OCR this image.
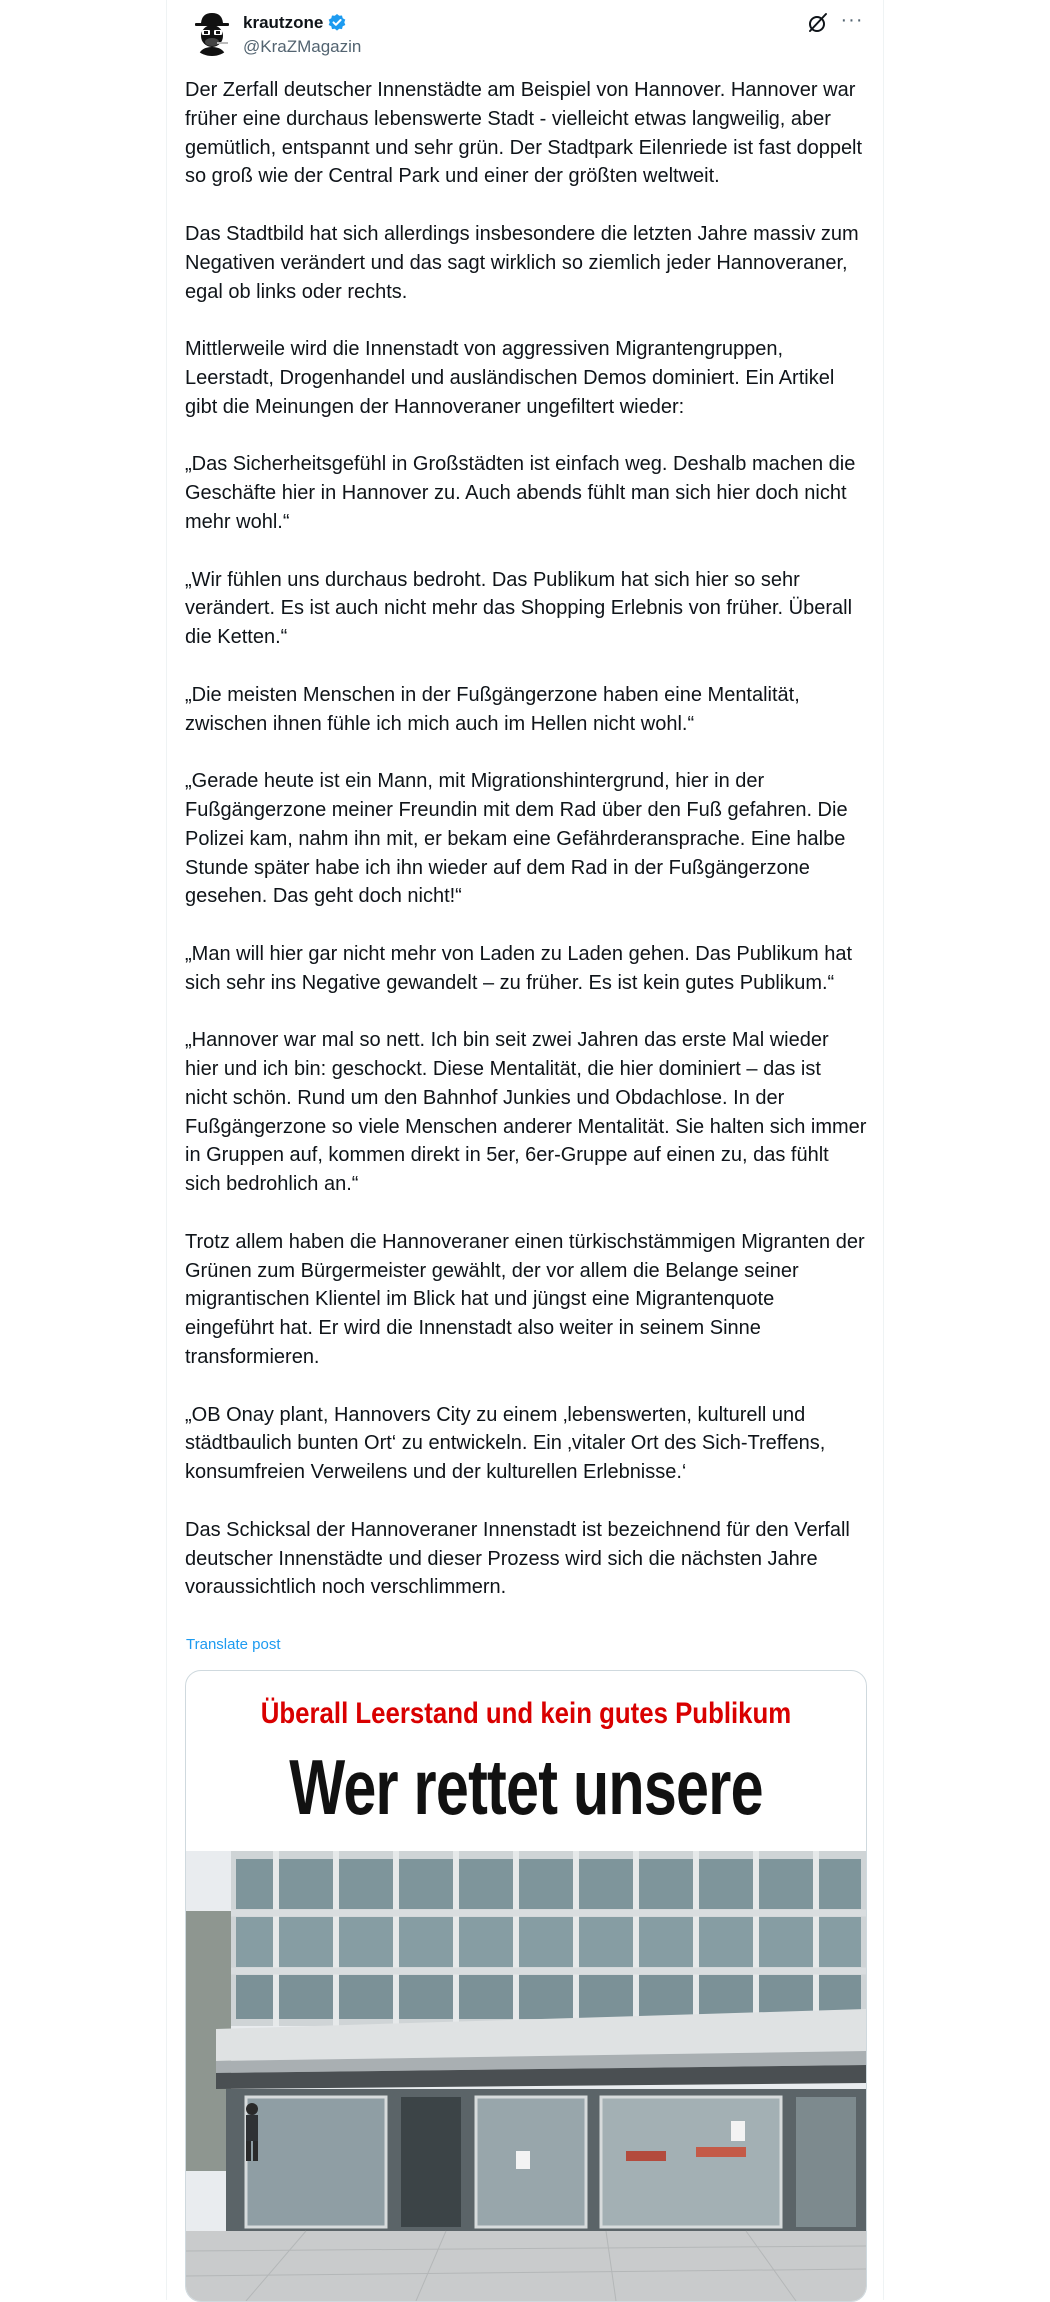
krautzone
@KraZMagazin
···

Der Zerfall deutscher Innenstädte am Beispiel von Hannover. Hannover war früher eine durchaus lebenswerte Stadt - vielleicht etwas langweilig, aber gemütlich, entspannt und sehr grün. Der Stadtpark Eilenriede ist fast doppelt so groß wie der Central Park und einer der größten weltweit.

Das Stadtbild hat sich allerdings insbesondere die letzten Jahre massiv zum Negativen verändert und das sagt wirklich so ziemlich jeder Hannoveraner, egal ob links oder rechts.

Mittlerweile wird die Innenstadt von aggressiven Migrantengruppen, Leerstadt, Drogenhandel und ausländischen Demos dominiert. Ein Artikel gibt die Meinungen der Hannoveraner ungefiltert wieder:

„Das Sicherheitsgefühl in Großstädten ist einfach weg. Deshalb machen die Geschäfte hier in Hannover zu. Auch abends fühlt man sich hier doch nicht mehr wohl.“

„Wir fühlen uns durchaus bedroht. Das Publikum hat sich hier so sehr verändert. Es ist auch nicht mehr das Shopping Erlebnis von früher. Überall die Ketten.“

„Die meisten Menschen in der Fußgängerzone haben eine Mentalität, zwischen ihnen fühle ich mich auch im Hellen nicht wohl.“

„Gerade heute ist ein Mann, mit Migrationshintergrund, hier in der Fußgängerzone meiner Freundin mit dem Rad über den Fuß gefahren. Die Polizei kam, nahm ihn mit, er bekam eine Gefährderansprache. Eine halbe Stunde später habe ich ihn wieder auf dem Rad in der Fußgängerzone gesehen. Das geht doch nicht!“

„Man will hier gar nicht mehr von Laden zu Laden gehen. Das Publikum hat sich sehr ins Negative gewandelt – zu früher. Es ist kein gutes Publikum.“

„Hannover war mal so nett. Ich bin seit zwei Jahren das erste Mal wieder hier und ich bin: geschockt. Diese Mentalität, die hier dominiert – das ist nicht schön. Rund um den Bahnhof Junkies und Obdachlose. In der Fußgängerzone so viele Menschen anderer Mentalität. Sie halten sich immer in Gruppen auf, kommen direkt in 5er, 6er-Gruppe auf einen zu, das fühlt sich bedrohlich an.“

Trotz allem haben die Hannoveraner einen türkischstämmigen Migranten der Grünen zum Bürgermeister gewählt, der vor allem die Belange seiner migrantischen Klientel im Blick hat und jüngst eine Migrantenquote eingeführt hat. Er wird die Innenstadt also weiter in seinem Sinne transformieren.

„OB Onay plant, Hannovers City zu einem ‚lebenswerten, kulturell und städtbaulich bunten Ort‘ zu entwickeln. Ein ‚vitaler Ort des Sich-Treffens, konsumfreien Verweilens und der kulturellen Erlebnisse.‘

Das Schicksal der Hannoveraner Innenstadt ist bezeichnend für den Verfall deutscher Innenstädte und dieser Prozess wird sich die nächsten Jahre voraussichtlich noch verschlimmern.

Translate post
Überall Leerstand und kein gutes Publikum
Wer rettet unsere
